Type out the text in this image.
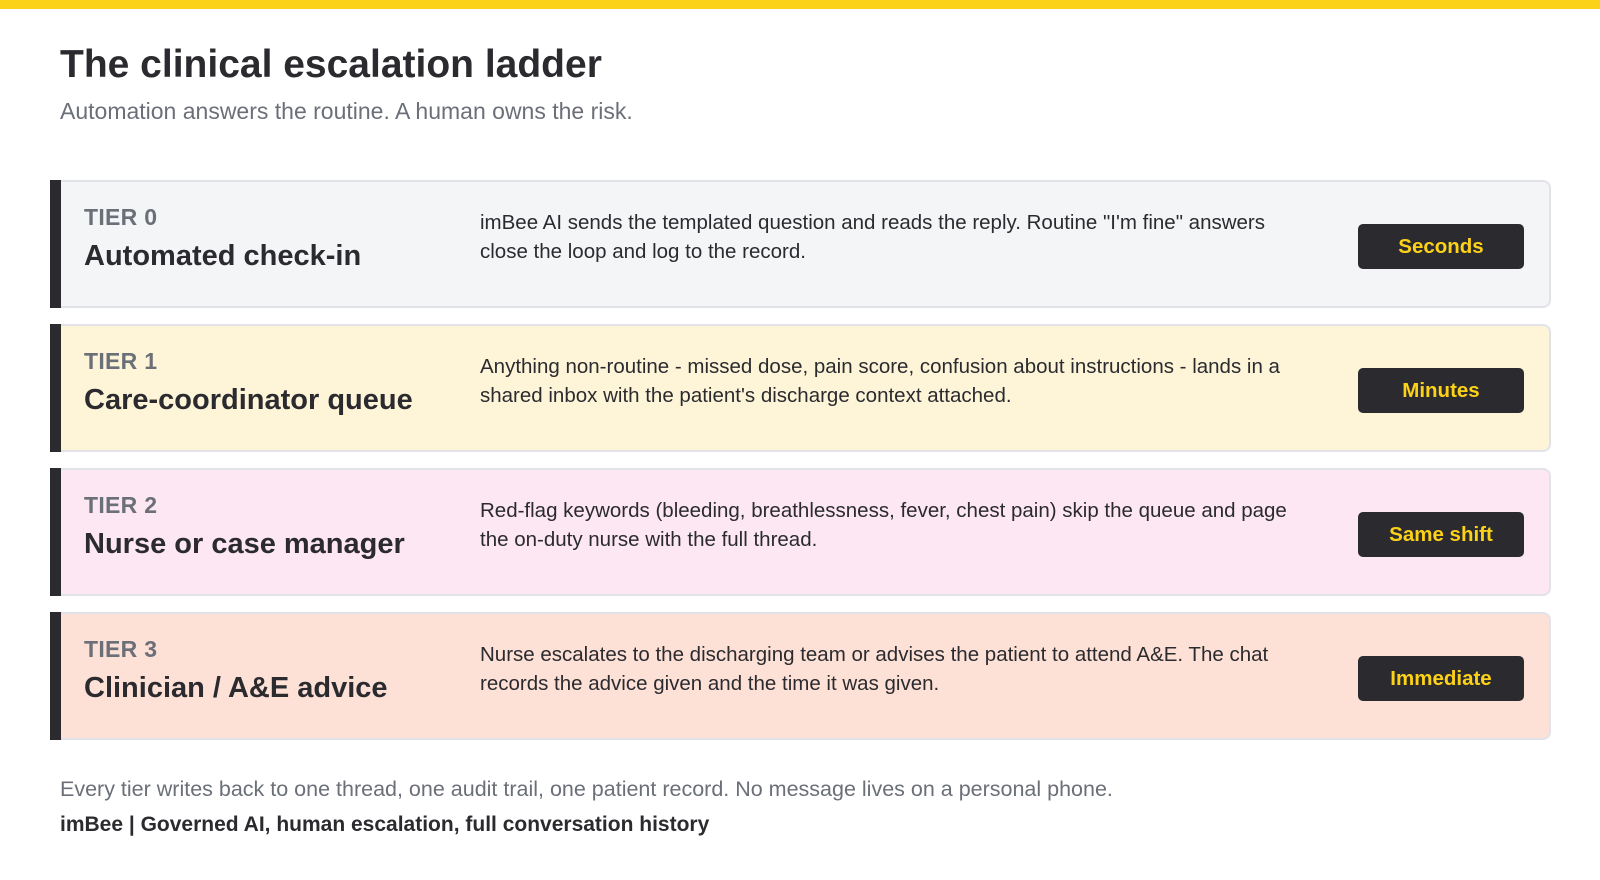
The clinical escalation ladder
Automation answers the routine. A human owns the risk.
TIER 0
Automated check-in
imBee AI sends the templated question and reads the reply. Routine "I'm fine" answers close the loop and log to the record.	Seconds
TIER 1
Care-coordinator queue
Anything non-routine - missed dose, pain score, confusion about instructions - lands in a shared inbox with the patient's discharge context attached.	Minutes
TIER 2
Nurse or case manager
Red-flag keywords (bleeding, breathlessness, fever, chest pain) skip the queue and page the on-duty nurse with the full thread.	Same shift
TIER 3
Clinician / A&E advice
Nurse escalates to the discharging team or advises the patient to attend A&E. The chat records the advice given and the time it was given.	Immediate
Every tier writes back to one thread, one audit trail, one patient record. No message lives on a personal phone.
imBee | Governed AI, human escalation, full conversation history
